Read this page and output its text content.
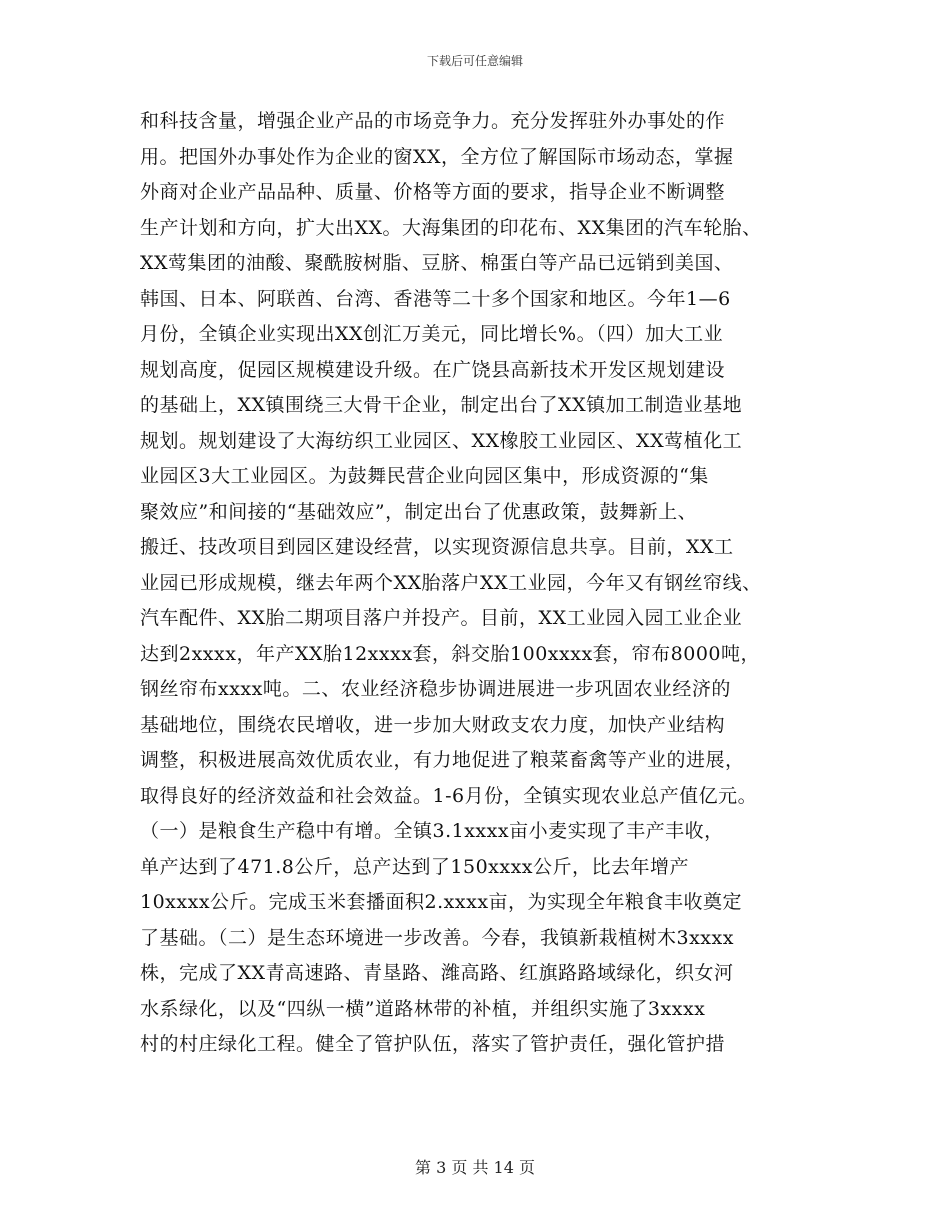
下载后可任意编辑
和科技含量，增强企业产品的市场竞争力。充分发挥驻外办事处的作
用。把国外办事处作为企业的窗XX，全方位了解国际市场动态，掌握
外商对企业产品品种、质量、价格等方面的要求，指导企业不断调整
生产计划和方向，扩大出XX。大海集团的印花布、XX集团的汽车轮胎、
XX莺集团的油酸、聚酰胺树脂、豆脐、棉蛋白等产品已远销到美国、
韩国、日本、阿联酋、台湾、香港等二十多个国家和地区。今年1—6
月份，全镇企业实现出XX创汇万美元，同比增长%。（四）加大工业
规划高度，促园区规模建设升级。在广饶县高新技术开发区规划建设
的基础上，XX镇围绕三大骨干企业，制定出台了XX镇加工制造业基地
规划。规划建设了大海纺织工业园区、XX橡胶工业园区、XX莺植化工
业园区3大工业园区。为鼓舞民营企业向园区集中，形成资源的“集
聚效应”和间接的“基础效应”，制定出台了优惠政策，鼓舞新上、
搬迁、技改项目到园区建设经营，以实现资源信息共享。目前，XX工
业园已形成规模，继去年两个XX胎落户XX工业园，今年又有钢丝帘线、
汽车配件、XX胎二期项目落户并投产。目前，XX工业园入园工业企业
达到2xxxx，年产XX胎12xxxx套，斜交胎100xxxx套，帘布8000吨，
钢丝帘布xxxx吨。二、农业经济稳步协调进展进一步巩固农业经济的
基础地位，围绕农民增收，进一步加大财政支农力度，加快产业结构
调整，积极进展高效优质农业，有力地促进了粮菜畜禽等产业的进展，
取得良好的经济效益和社会效益。1-6月份，全镇实现农业总产值亿元。
（一）是粮食生产稳中有增。全镇3.1xxxx亩小麦实现了丰产丰收，
单产达到了471.8公斤，总产达到了150xxxx公斤，比去年增产
10xxxx公斤。完成玉米套播面积2.xxxx亩，为实现全年粮食丰收奠定
了基础。（二）是生态环境进一步改善。今春，我镇新栽植树木3xxxx
株，完成了XX青高速路、青垦路、潍高路、红旗路路域绿化，织女河
水系绿化，以及“四纵一横”道路林带的补植，并组织实施了3xxxx
村的村庄绿化工程。健全了管护队伍，落实了管护责任，强化管护措
第 3 页 共 14 页
